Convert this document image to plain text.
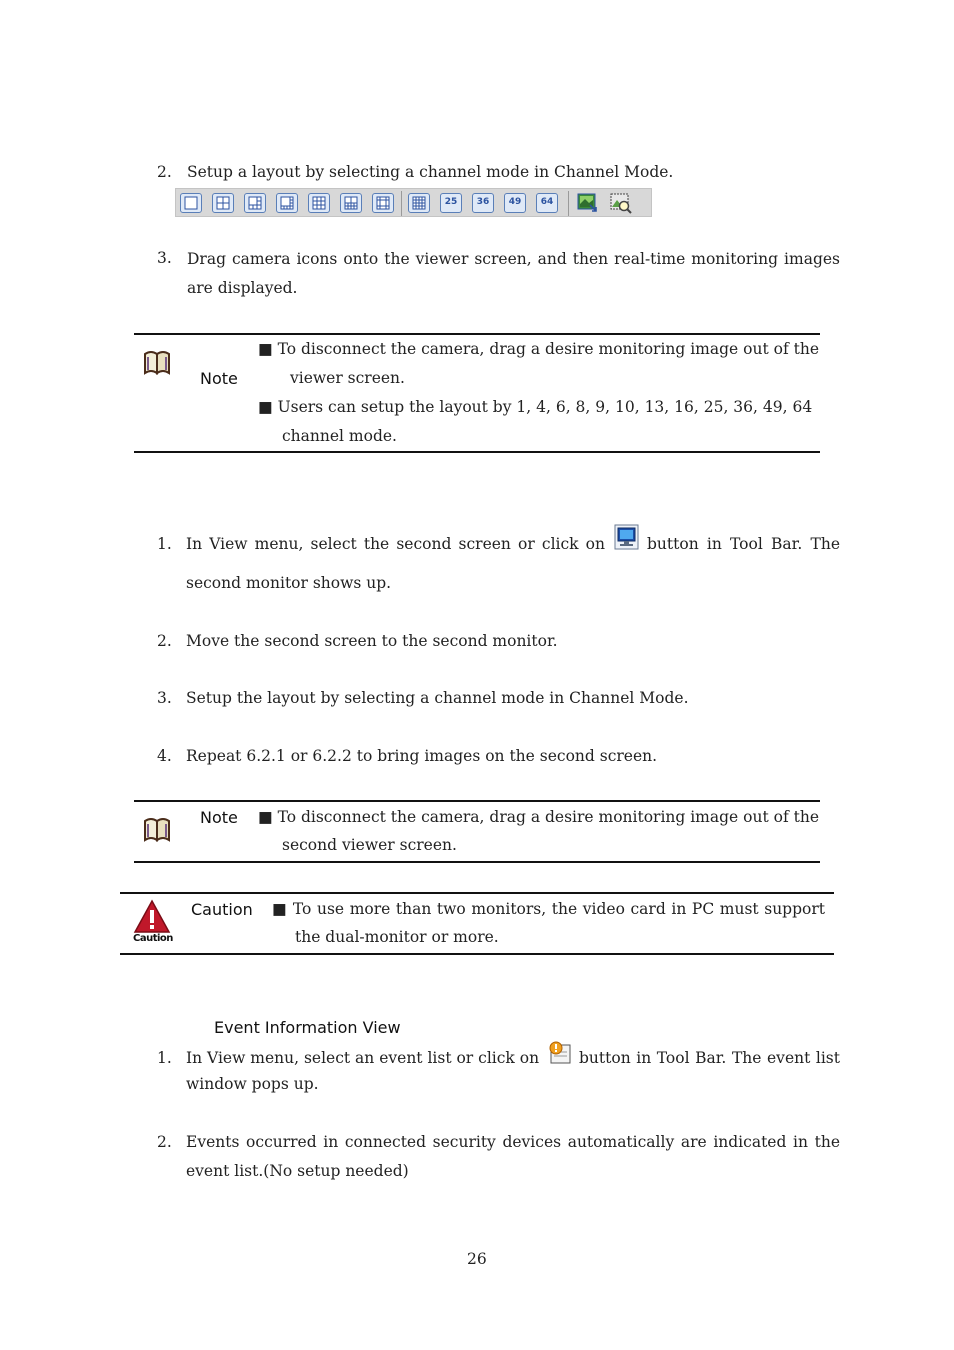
2. Setup a layout by selecting a channel mode in Channel Mode.
25	36	49	64
3. Drag camera icons onto the viewer screen, and then real-time monitoring images are displayed.
Note
■ To disconnect the camera, drag a desire monitoring image out of the
viewer screen.
■ Users can setup the layout by 1, 4, 6, 8, 9, 10, 13, 16, 25, 36, 49, 64
channel mode.
1. In View menu, select the second screen or click on	button in Tool Bar. The
second monitor shows up.
2. Move the second screen to the second monitor.
3. Setup the layout by selecting a channel mode in Channel Mode.
4. Repeat 6.2.1 or 6.2.2 to bring images on the second screen.
Note ■ To disconnect the camera, drag a desire monitoring image out of the
second viewer screen.
Caution
Caution ■ To use more than two monitors, the video card in PC must support
the dual-monitor or more.
Event Information View
1. In View menu, select an event list or click on	button in Tool Bar. The event list
window pops up.
2. Events occurred in connected security devices automatically are indicated in the event list.(No setup needed)
26
